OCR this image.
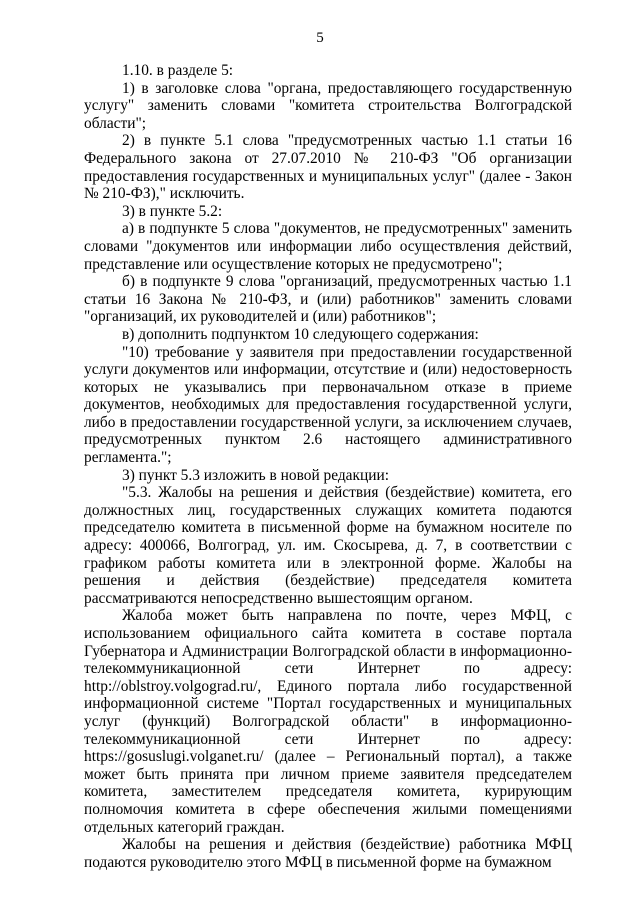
5

1.10. в разделе 5:

1) в заголовке слова "органа, предоставляющего государственную услугу" заменить словами "комитета строительства Волгоградской области";

2) в пункте 5.1 слова "предусмотренных частью 1.1 статьи 16 Федерального закона от 27.07.2010 № 210-ФЗ "Об организации предоставления государственных и муниципальных услуг" (далее - Закон № 210-ФЗ)," исключить.

3) в пункте 5.2:

а) в подпункте 5 слова "документов, не предусмотренных" заменить словами "документов или информации либо осуществления действий, представление или осуществление которых не предусмотрено";

б) в подпункте 9 слова "организаций, предусмотренных частью 1.1 статьи 16 Закона № 210-ФЗ, и (или) работников" заменить словами "организаций, их руководителей и (или) работников";

в) дополнить подпунктом 10 следующего содержания:

"10) требование у заявителя при предоставлении государственной услуги документов или информации, отсутствие и (или) недостоверность которых не указывались при первоначальном отказе в приеме документов, необходимых для предоставления государственной услуги, либо в предоставлении государственной услуги, за исключением случаев, предусмотренных пунктом 2.6 настоящего административного регламента.";

3) пункт 5.3 изложить в новой редакции:

"5.3. Жалобы на решения и действия (бездействие) комитета, его должностных лиц, государственных служащих комитета подаются председателю комитета в письменной форме на бумажном носителе по адресу: 400066, Волгоград, ул. им. Скосырева, д. 7, в соответствии с графиком работы комитета или в электронной форме. Жалобы на решения и действия (бездействие) председателя комитета рассматриваются непосредственно вышестоящим органом.

Жалоба может быть направлена по почте, через МФЦ, с использованием официального сайта комитета в составе портала Губернатора и Администрации Волгоградской области в информационно-телекоммуникационной сети Интернет по адресу: http://oblstroy.volgograd.ru/, Единого портала либо государственной информационной системе "Портал государственных и муниципальных услуг (функций) Волгоградской области" в информационно-телекоммуникационной сети Интернет по адресу: https://gosuslugi.volganet.ru/ (далее – Региональный портал), а также может быть принята при личном приеме заявителя председателем комитета, заместителем председателя комитета, курирующим полномочия комитета в сфере обеспечения жилыми помещениями отдельных категорий граждан.

Жалобы на решения и действия (бездействие) работника МФЦ подаются руководителю этого МФЦ в письменной форме на бумажном
